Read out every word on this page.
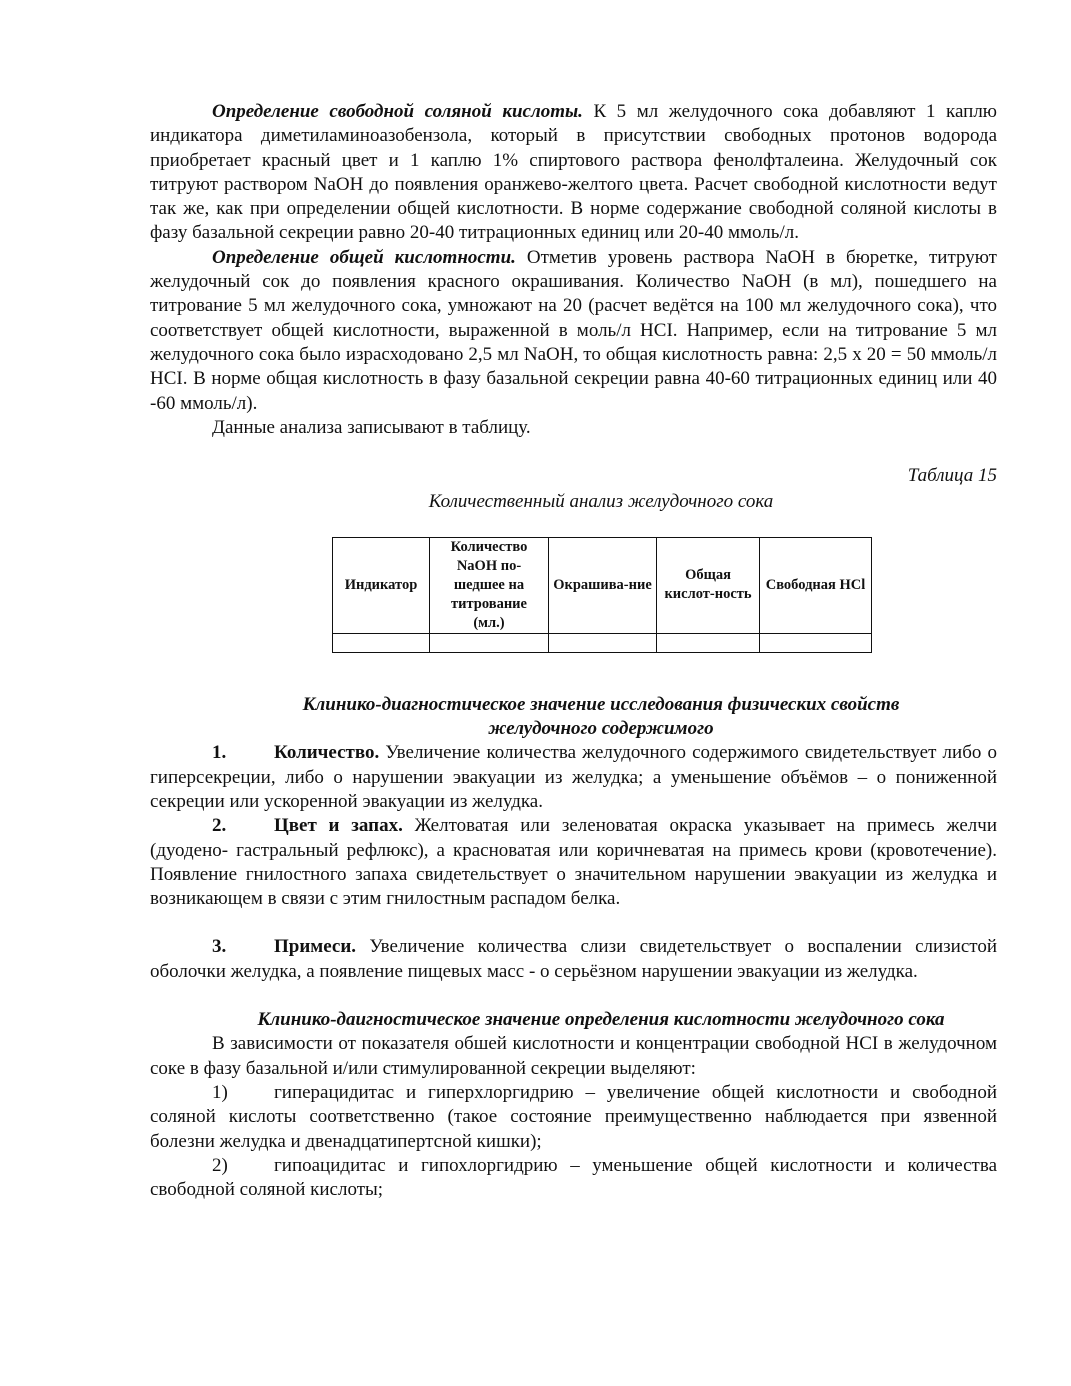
Определение свободной соляной кислоты. К 5 мл желудочного сока добавляют 1 каплю индикатора диметиламиноазобензола, который в присутствии свободных протонов водорода приобретает красный цвет и 1 каплю 1% спиртового раствора фенолфталеина. Желудочный сок титруют раствором NaOH до появления оранжево-желтого цвета. Расчет свободной кислотности ведут так же, как при определении общей кислотности. В норме содержание свободной соляной кислоты в фазу базальной секреции равно 20-40 титрационных единиц или 20-40 ммоль/л.

Определение общей кислотности. Отметив уровень раствора NaOH в бюретке, титруют желудочный сок до появления красного окрашивания. Количество NaOH (в мл), пошедшего на титрование 5 мл желудочного сока, умножают на 20 (расчет ведётся на 100 мл желудочного сока), что соответствует общей кислотности, выраженной в моль/л HCI. Например, если на титрование 5 мл желудочного сока было израсходовано 2,5 мл NaOH, то общая кислотность равна: 2,5 х 20 = 50 ммоль/л HCI. В норме общая кислотность в фазу базальной секреции равна 40-60 титрационных единиц или 40 -60 ммоль/л).

Данные анализа записывают в таблицу.

Таблица 15
Количественный анализ желудочного сока
Индикатор	Количество NaOH по-шедшее на титрование (мл.)	Окрашива-ние	Общая кислот-ность	Свободная HCl

Клинико-диагностическое значение исследования физических свойств
желудочного содержимого

1.	Количество. Увеличение количества желудочного содержимого свидетельствует либо о гиперсекреции, либо о нарушении эвакуации из желудка; а уменьшение объёмов – о пониженной секреции или ускоренной эвакуации из желудка.

2.	Цвет и запах. Желтоватая или зеленоватая окраска указывает на примесь желчи (дуодено- гастральный рефлюкс), а красноватая или коричневатая на примесь крови (кровотечение). Появление гнилостного запаха свидетельствует о значительном нарушении эвакуации из желудка и возникающем в связи с этим гнилостным распадом белка.

3.	Примеси. Увеличение количества слизи свидетельствует о воспалении слизистой оболочки желудка, а появление пищевых масс - о серьёзном нарушении эвакуации из желудка.

Клинико-даигностическое значение определения кислотности желудочного сока

В зависимости от показателя обшей кислотности и концентрации свободной HCI в желудочном соке в фазу базальной и/или стимулированной секреции выделяют:

1) гиперацидитас и гиперхлоргидрию – увеличение общей кислотности и свободной соляной кислоты соответственно (такое состояние преимущественно наблюдается при язвенной болезни желудка и двенадцатипертсной кишки);

2) гипоацидитас и гипохлоргидрию – уменьшение общей кислотности и количества свободной соляной кислоты;
